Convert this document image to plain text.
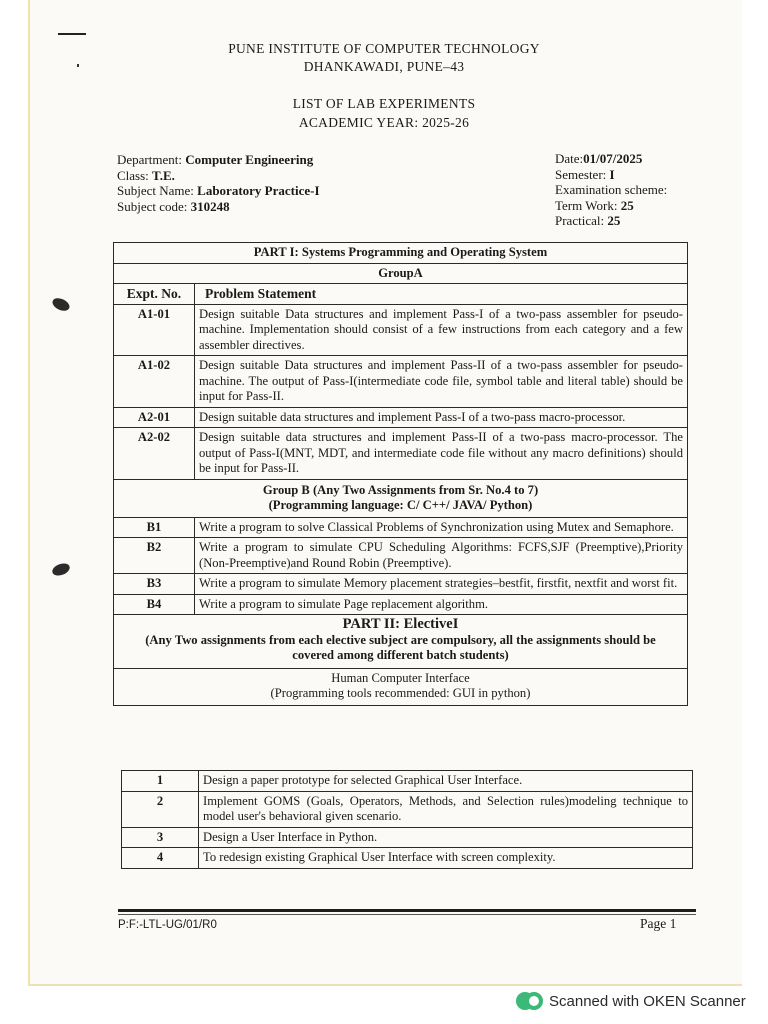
PUNE INSTITUTE OF COMPUTER TECHNOLOGY
DHANKAWADI, PUNE–43
LIST OF LAB EXPERIMENTS
ACADEMIC YEAR: 2025-26
Department: Computer Engineering
Class: T.E.
Subject Name: Laboratory Practice-I
Subject code: 310248
Date:01/07/2025
Semester: I
Examination scheme:
Term Work: 25
Practical: 25
PART I: Systems Programming and Operating System	
GroupA	
Expt. No.	Problem Statement
A1-01	Design suitable Data structures and implement Pass-I of a two-pass assembler for pseudo-machine. Implementation should consist of a few instructions from each category and a few assembler directives.
A1-02	Design suitable Data structures and implement Pass-II of a two-pass assembler for pseudo-machine. The output of Pass-I(intermediate code file, symbol table and literal table) should be input for Pass-II.
A2-01	Design suitable data structures and implement Pass-I of a two-pass macro-processor.
A2-02	Design suitable data structures and implement Pass-II of a two-pass macro-processor. The output of Pass-I(MNT, MDT, and intermediate code file without any macro definitions) should be input for Pass-II.

Group B (Any Two Assignments from Sr. No.4 to 7)
(Programming language: C/ C++/ JAVA/ Python)	

B1	Write a program to solve Classical Problems of Synchronization using Mutex and Semaphore.
B2	Write a program to simulate CPU Scheduling Algorithms: FCFS,SJF (Preemptive),Priority (Non-Preemptive)and Round Robin (Preemptive).
B3	Write a program to simulate Memory placement strategies–bestfit, firstfit, nextfit and worst fit.
B4	Write a program to simulate Page replacement algorithm.

PART II: ElectiveI
(Any Two assignments from each elective subject are compulsory, all the assignments should be covered among different batch students)	

Human Computer Interface
(Programming tools recommended: GUI in python)	
1	Design a paper prototype for selected Graphical User Interface.
2	Implement GOMS (Goals, Operators, Methods, and Selection rules)modeling technique to model user's behavioral given scenario.
3	Design a User Interface in Python.
4	To redesign existing Graphical User Interface with screen complexity.
P:F:-LTL-UG/01/R0	Page 1
Scanned with OKEN Scanner
